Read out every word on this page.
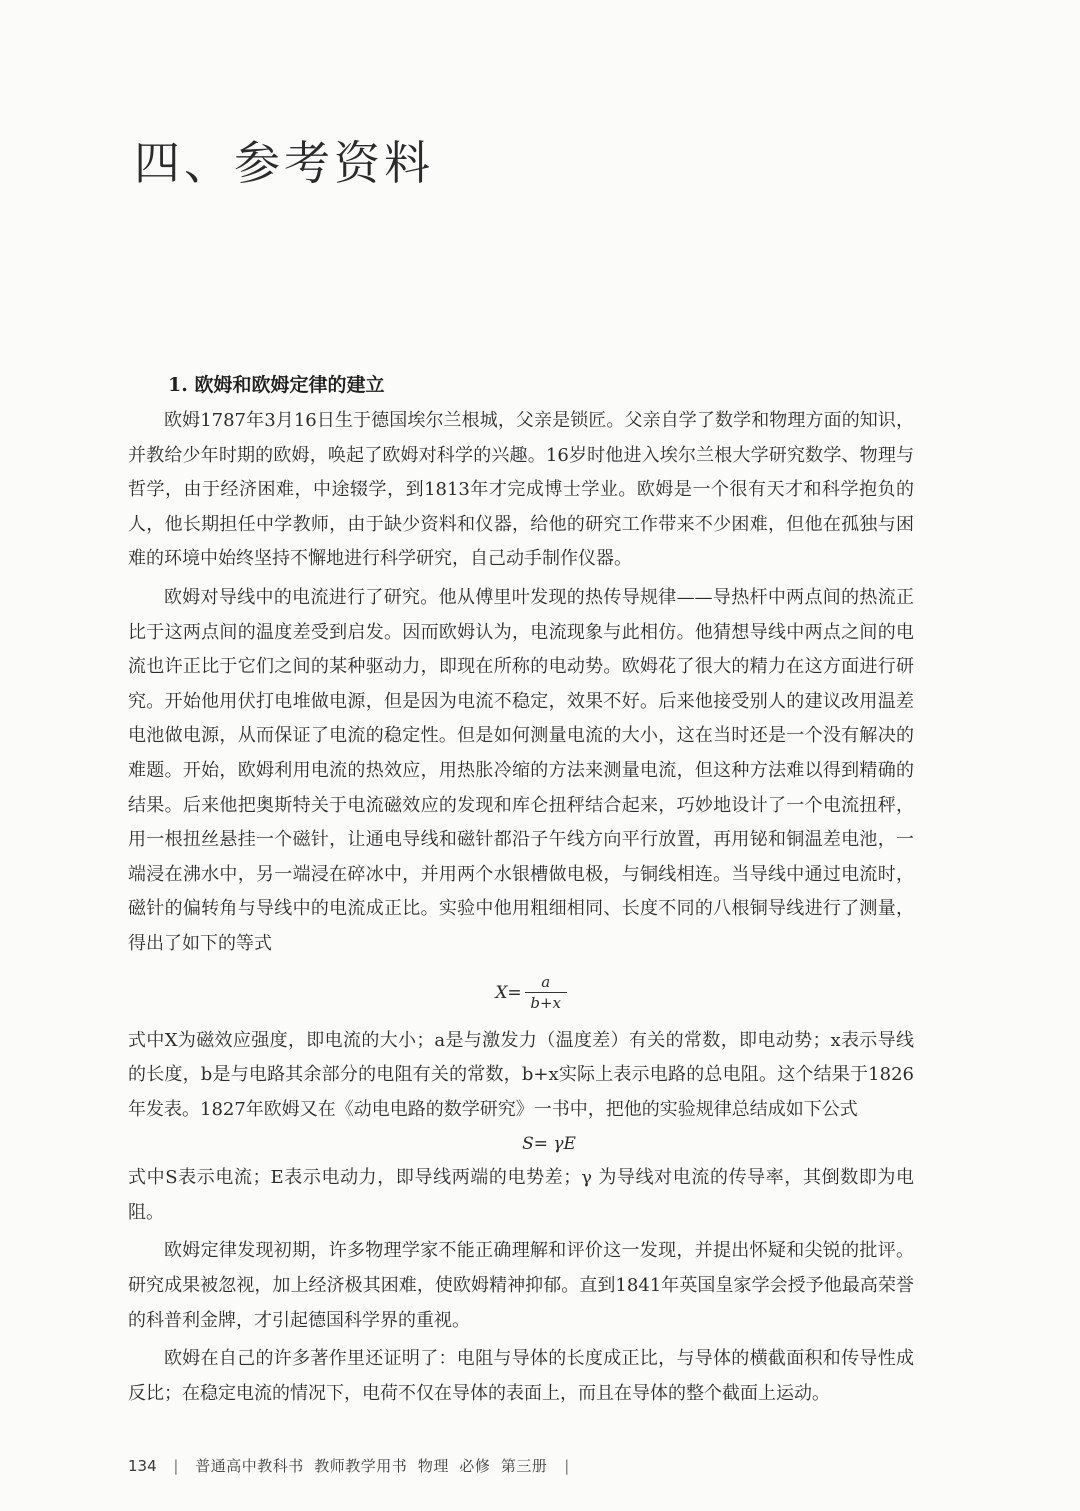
四、参考资料
1. 欧姆和欧姆定律的建立

欧姆1787年3月16日生于德国埃尔兰根城，父亲是锁匠。父亲自学了数学和物理方面的知识，并教给少年时期的欧姆，唤起了欧姆对科学的兴趣。16岁时他进入埃尔兰根大学研究数学、物理与哲学，由于经济困难，中途辍学，到1813年才完成博士学业。欧姆是一个很有天才和科学抱负的人，他长期担任中学教师，由于缺少资料和仪器，给他的研究工作带来不少困难，但他在孤独与困难的环境中始终坚持不懈地进行科学研究，自己动手制作仪器。

欧姆对导线中的电流进行了研究。他从傅里叶发现的热传导规律——导热杆中两点间的热流正比于这两点间的温度差受到启发。因而欧姆认为，电流现象与此相仿。他猜想导线中两点之间的电流也许正比于它们之间的某种驱动力，即现在所称的电动势。欧姆花了很大的精力在这方面进行研究。开始他用伏打电堆做电源，但是因为电流不稳定，效果不好。后来他接受别人的建议改用温差电池做电源，从而保证了电流的稳定性。但是如何测量电流的大小，这在当时还是一个没有解决的难题。开始，欧姆利用电流的热效应，用热胀冷缩的方法来测量电流，但这种方法难以得到精确的结果。后来他把奥斯特关于电流磁效应的发现和库仑扭秤结合起来，巧妙地设计了一个电流扭秤，用一根扭丝悬挂一个磁针，让通电导线和磁针都沿子午线方向平行放置，再用铋和铜温差电池，一端浸在沸水中，另一端浸在碎冰中，并用两个水银槽做电极，与铜线相连。当导线中通过电流时，磁针的偏转角与导线中的电流成正比。实验中他用粗细相同、长度不同的八根铜导线进行了测量，得出了如下的等式

$X= \frac{a}{b+x}$

式中X为磁效应强度，即电流的大小；a是与激发力（温度差）有关的常数，即电动势；x表示导线的长度，b是与电路其余部分的电阻有关的常数，b+x实际上表示电路的总电阻。这个结果于1826年发表。1827年欧姆又在《动电电路的数学研究》一书中，把他的实验规律总结成如下公式

S= γE

式中S表示电流；E表示电动力，即导线两端的电势差；γ 为导线对电流的传导率，其倒数即为电阻。

欧姆定律发现初期，许多物理学家不能正确理解和评价这一发现，并提出怀疑和尖锐的批评。研究成果被忽视，加上经济极其困难，使欧姆精神抑郁。直到1841年英国皇家学会授予他最高荣誉的科普利金牌，才引起德国科学界的重视。

欧姆在自己的许多著作里还证明了：电阻与导体的长度成正比，与导体的横截面积和传导性成反比；在稳定电流的情况下，电荷不仅在导体的表面上，而且在导体的整个截面上运动。

134 | 普通高中教科书  教师教学用书  物理  必修  第三册 |
